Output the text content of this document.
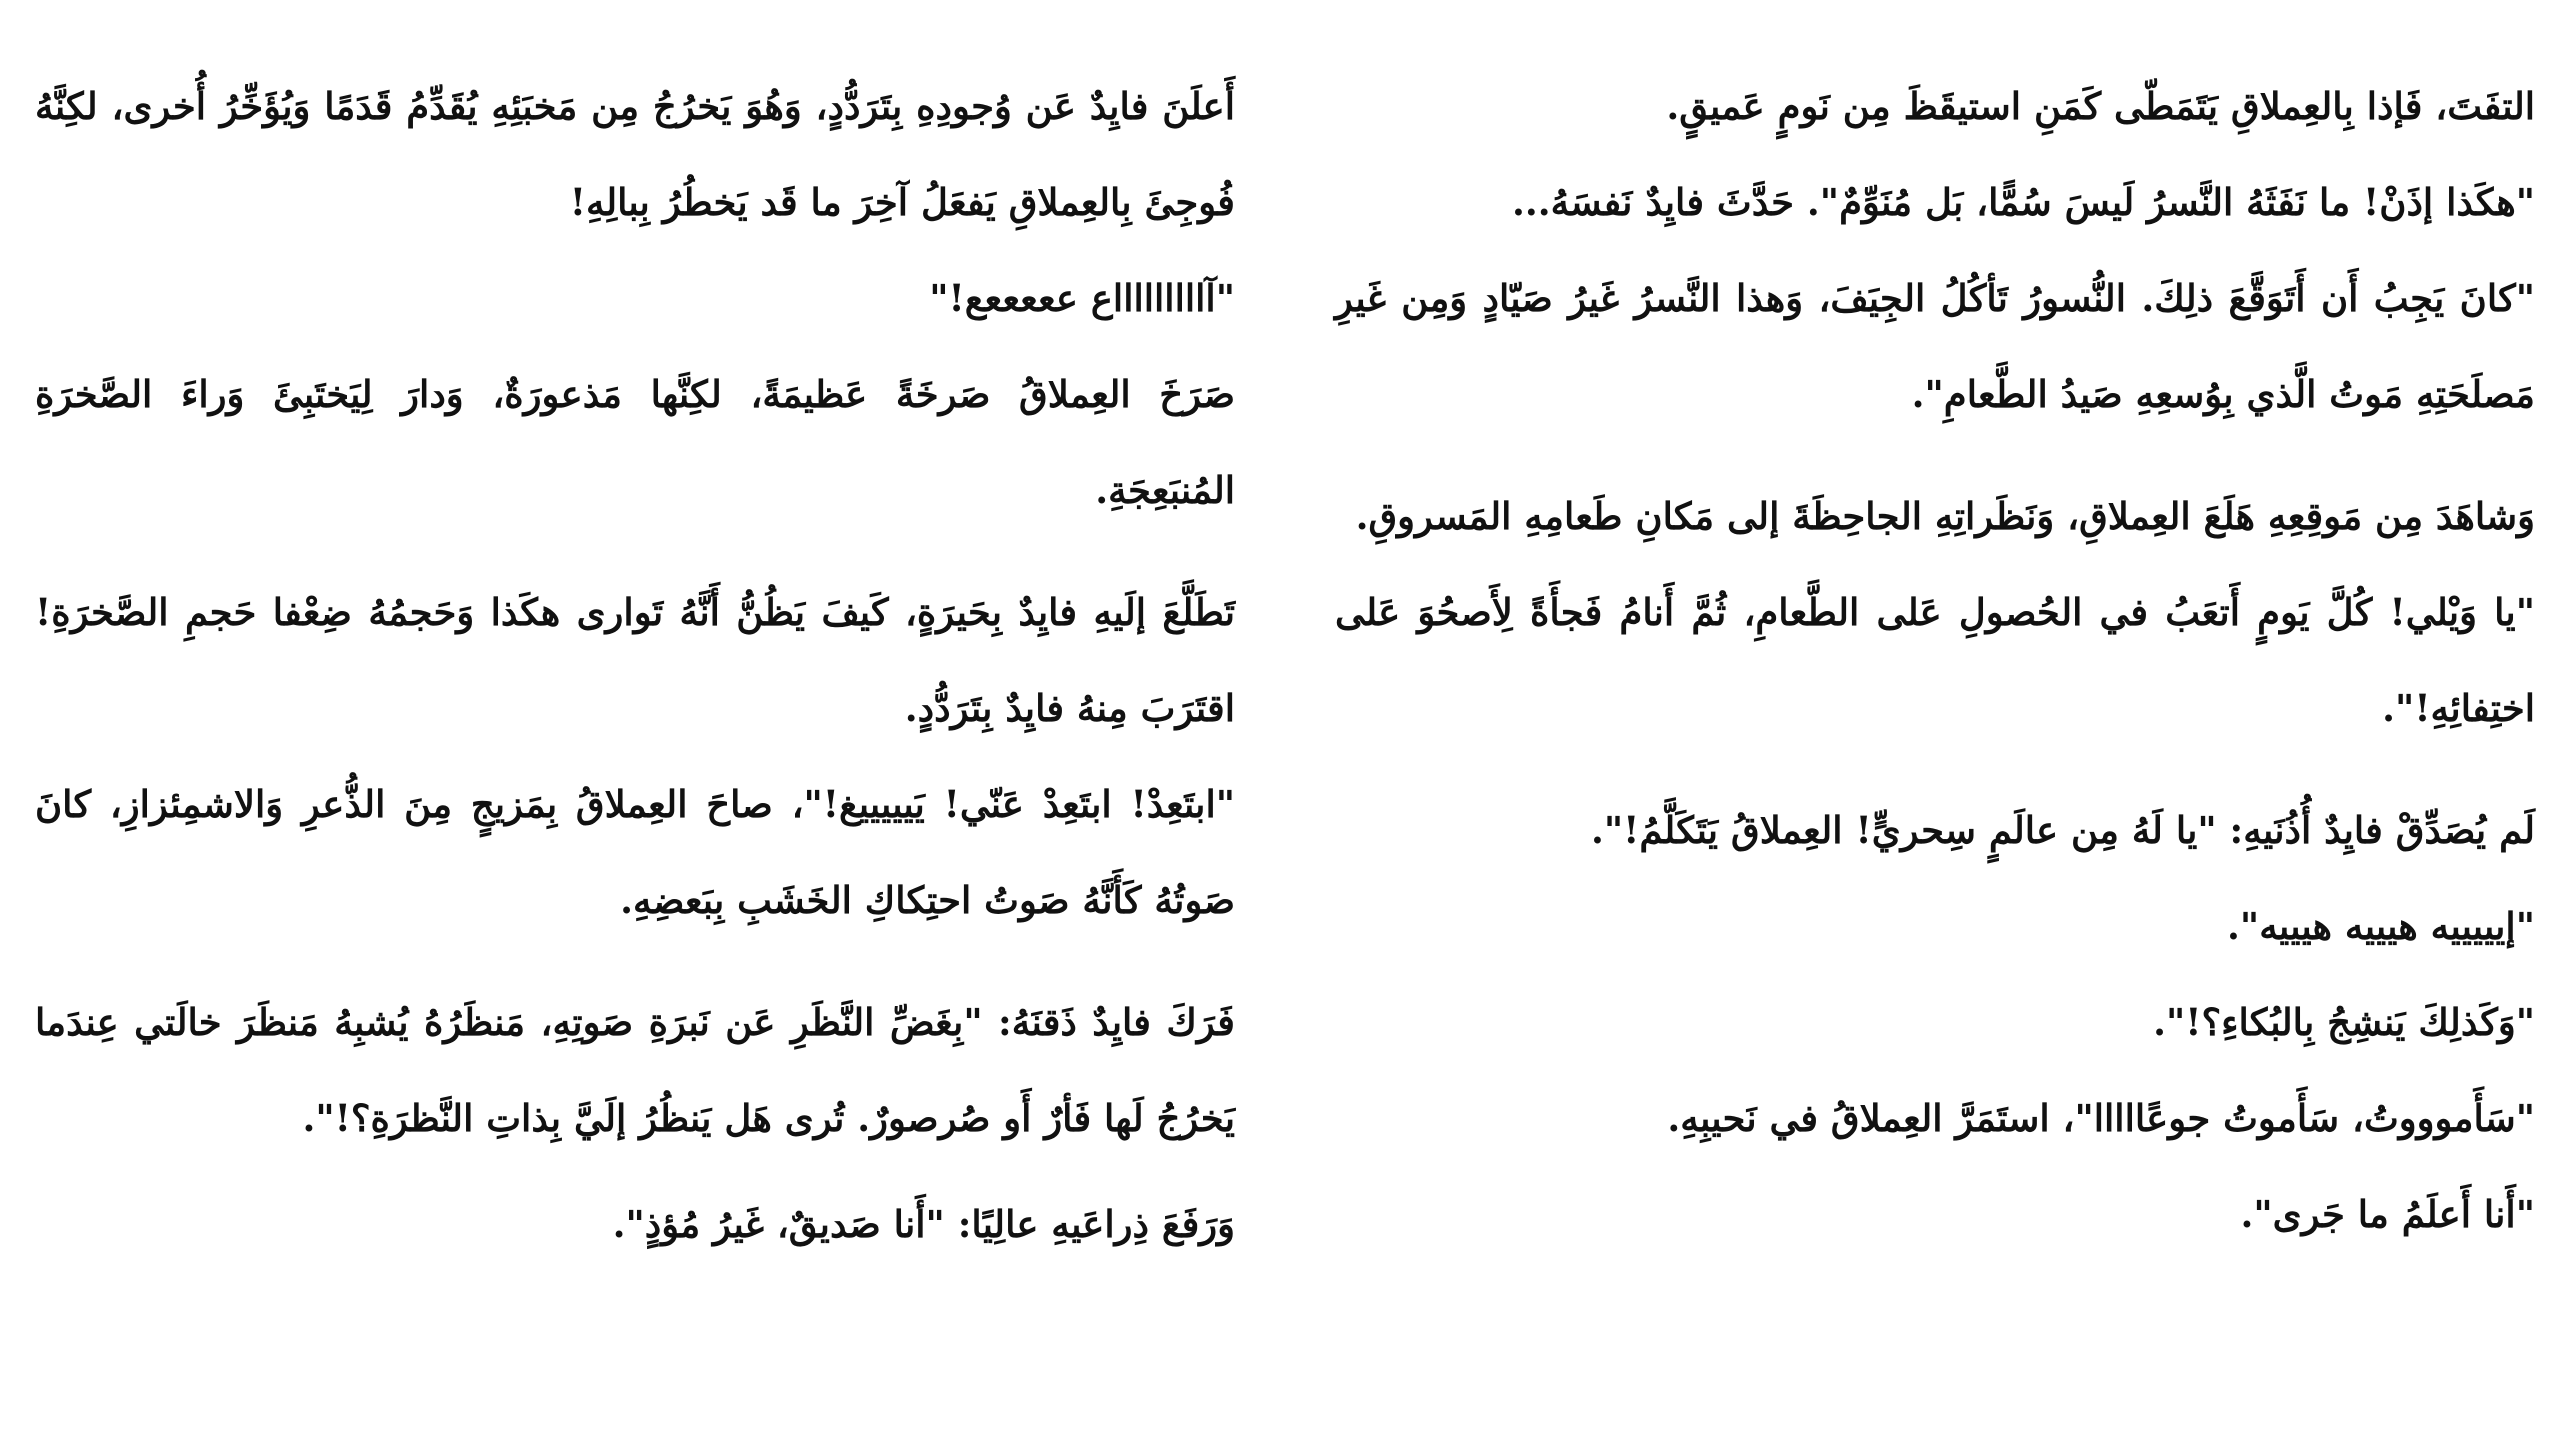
التفَتَ، فَإذا بِالعِملاقِ يَتَمَطّى كَمَنِ استيقَظَ مِن نَومٍ عَميقٍ.

"هكَذا إذَنْ! ما نَفَثَهُ النَّسرُ لَيسَ سُمًّا، بَل مُنَوِّمٌ". حَدَّثَ فايِدٌ نَفسَهُ...

"كانَ يَجِبُ أَن أَتَوَقَّعَ ذلِكَ. النُّسورُ تَأكُلُ الجِيَفَ، وَهذا النَّسرُ غَيرُ صَيّادٍ وَمِن غَيرِ مَصلَحَتِهِ مَوتُ الَّذي بِوُسعِهِ صَيدُ الطَّعامِ".

وَشاهَدَ مِن مَوقِعِهِ هَلَعَ العِملاقِ، وَنَظَراتِهِ الجاحِظَةَ إلى مَكانِ طَعامِهِ المَسروقِ.

"يا وَيْلي! كُلَّ يَومٍ أَتعَبُ في الحُصولِ عَلى الطَّعامِ، ثُمَّ أَنامُ فَجأَةً لِأَصحُوَ عَلى اختِفائِهِ!".

لَم يُصَدِّقْ فايِدٌ أُذُنَيهِ: "يا لَهُ مِن عالَمٍ سِحريٍّ! العِملاقُ يَتَكَلَّمُ!".

"إيييييه هيييه هيييه".

"وَكَذلِكَ يَنشِجُ بِالبُكاءِ؟!".

"سَأَموووتُ، سَأَموتُ جوعًااااا"، استَمَرَّ العِملاقُ في نَحيبِهِ.

"أَنا أَعلَمُ ما جَرى".

أَعلَنَ فايِدٌ عَن وُجودِهِ بِتَرَدُّدٍ، وَهُوَ يَخرُجُ مِن مَخبَئِهِ يُقَدِّمُ قَدَمًا وَيُؤَخِّرُ أُخرى، لكِنَّهُ فُوجِئَ بِالعِملاقِ يَفعَلُ آخِرَ ما قَد يَخطُرُ بِبالِهِ!

"آاااااااااع عععععع!"

صَرَخَ العِملاقُ صَرخَةً عَظيمَةً، لكِنَّها مَذعورَةٌ، وَدارَ لِيَختَبِئَ وَراءَ الصَّخرَةِ المُنبَعِجَةِ.

تَطَلَّعَ إلَيهِ فايِدٌ بِحَيرَةٍ، كَيفَ يَظُنُّ أَنَّهُ تَوارى هكَذا وَحَجمُهُ ضِعْفا حَجمِ الصَّخرَةِ! اقتَرَبَ مِنهُ فايِدٌ بِتَرَدُّدٍ.

"ابتَعِدْ! ابتَعِدْ عَنّي! يَيييييغ!"، صاحَ العِملاقُ بِمَزيجٍ مِنَ الذُّعرِ وَالاشمِئزازِ، كانَ صَوتُهُ كَأَنَّهُ صَوتُ احتِكاكِ الخَشَبِ بِبَعضِهِ.

فَرَكَ فايِدٌ ذَقنَهُ: "بِغَضِّ النَّظَرِ عَن نَبرَةِ صَوتِهِ، مَنظَرُهُ يُشبِهُ مَنظَرَ خالَتي عِندَما يَخرُجُ لَها فَأرٌ أَو صُرصورٌ. تُرى هَل يَنظُرُ إلَيَّ بِذاتِ النَّظرَةِ؟!".

وَرَفَعَ ذِراعَيهِ عالِيًا: "أَنا صَديقٌ، غَيرُ مُؤذٍ".
